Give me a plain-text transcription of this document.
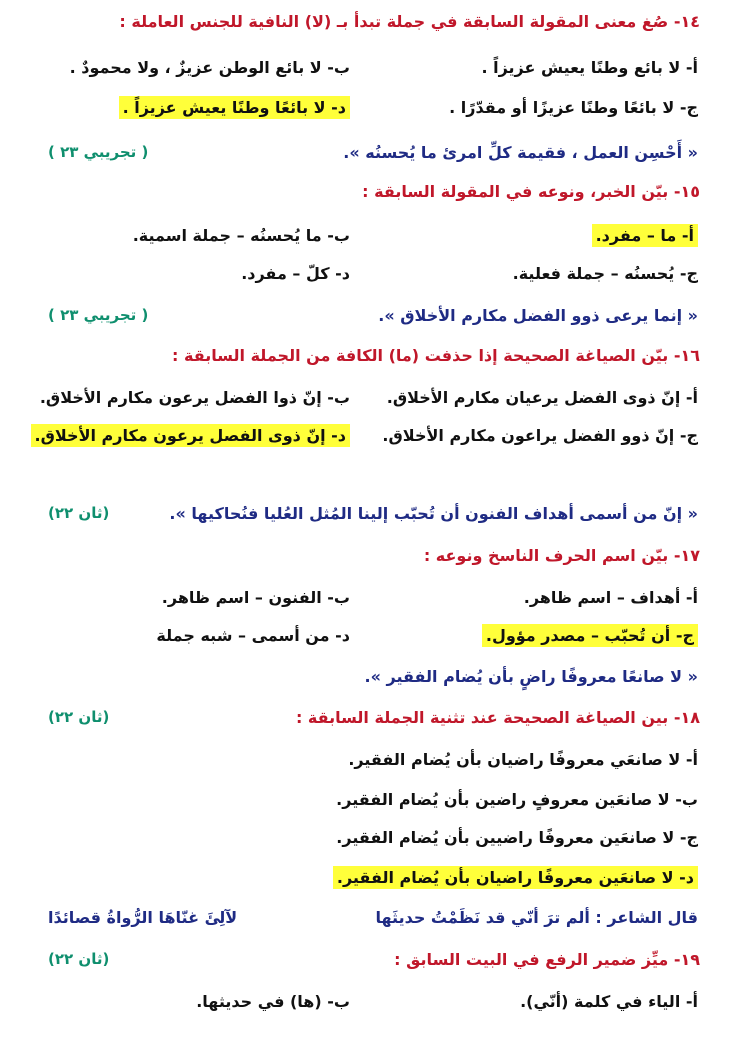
١٤- صُغ معنى المقولة السابقة في جملة تبدأ بـ (لا) النافية للجنس العاملة :
أ- لا بائع وطنًا يعيش عزيزاً .
ب- لا بائع الوطن عزيزٌ ، ولا محمودٌ .
ج- لا بائعًا وطنًا عزيزًا أو مقدّرًا .
د- لا بائعًا وطنًا يعيش عزيزاً .
« أَحْسِن العمل ، فقيمة كلِّ امرئ ما يُحسنُه ».
( تجريبي ٢٣ )
١٥- بيّن الخبر، ونوعه في المقولة السابقة :
أ- ما – مفرد.
ب- ما يُحسنُه – جملة اسمية.
ج- يُحسنُه – جملة فعلية.
د- كلّ – مفرد.
« إنما يرعى ذوو الفضل مكارم الأخلاق ».
( تجريبي ٢٣ )
١٦- بيّن الصياغة الصحيحة إذا حذفت (ما) الكافة من الجملة السابقة :
أ- إنّ ذوى الفضل يرعيان مكارم الأخلاق.
ب- إنّ ذوا الفضل يرعون مكارم الأخلاق.
ج- إنّ ذوو الفضل يراعون مكارم الأخلاق.
د- إنّ ذوى الفصل يرعون مكارم الأخلاق.
« إنّ من أسمى أهداف الفنون أن تُحبّب إلينا المُثل العُليا فنُحاكيها ».
(ثان ٢٢)
١٧- بيّن اسم الحرف الناسخ ونوعه :
أ- أهداف – اسم ظاهر.
ب- الفنون – اسم ظاهر.
ج- أن تُحبّب – مصدر مؤول.
د- من أسمى – شبه جملة
« لا صانعًا معروفًا راضٍ بأن يُضام الفقير ».
١٨- بين الصياغة الصحيحة عند تثنية الجملة السابقة :
(ثان ٢٢)
أ- لا صانعَي معروفًا راضيان بأن يُضام الفقير.
ب- لا صانعَين معروفٍ راضين بأن يُضام الفقير.
ج- لا صانعَين معروفًا راضيين بأن يُضام الفقير.
د- لا صانعَين معروفًا راضيان بأن يُضام الفقير.
قال الشاعر : ألم ترَ أنّي قد نَظَمْتُ حديثَها
لآلِئَ غنّاهَا الرُّواةُ قصائدًا
١٩- ميِّز ضمير الرفع في البيت السابق :
(ثان ٢٢)
أ- الياء في كلمة (أنّي).
ب- (ها) في حديثها.
